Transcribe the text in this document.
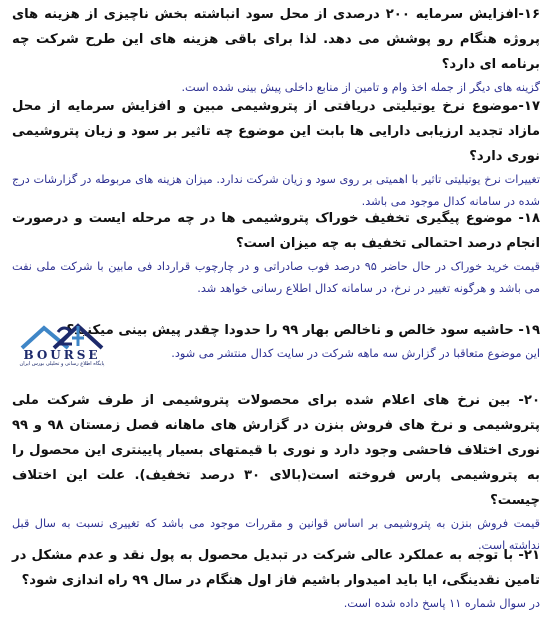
۱۶-افزایش سرمایه ۲۰۰ درصدی از محل سود انباشته بخش ناچیزی از هزینه های پروژه هنگام رو پوشش می دهد. لذا برای باقی هزینه های این طرح شرکت چه برنامه ای دارد؟

گزینه های دیگر از جمله اخذ وام و تامین از منابع داخلی پیش بینی شده است.

۱۷-موضوع نرخ یوتیلیتی دریافتی از پتروشیمی مبین و افزایش سرمایه از محل مازاد تجدید ارزیابی دارایی ها بابت این موضوع چه تاثیر بر سود و زیان پتروشیمی نوری دارد؟

تغییرات نرخ یوتیلیتی تاثیر با اهمیتی بر روی سود و زیان شرکت ندارد. میزان هزینه های مربوطه در گزارشات درج شده در سامانه کدال موجود می باشد.

۱۸- موضوع پیگیری تخفیف خوراک پتروشیمی ها در چه مرحله ایست و درصورت انجام درصد احتمالی تخفیف به چه میزان است؟

قیمت خرید خوراک در حال حاضر ۹۵ درصد فوب صادراتی و در چارچوب قرارداد فی مابین با شرکت ملی نفت می باشد و هرگونه تغییر در نرخ، در سامانه کدال اطلاع رسانی خواهد شد.

۱۹- حاشیه سود خالص و ناخالص بهار ۹۹ را حدودا چقدر پیش بینی میکنید؟

این موضوع متعاقبا در گزارش سه ماهه شرکت در سایت کدال منتشر می شود.

۲۰- بین نرخ های اعلام شده برای محصولات پتروشیمی از طرف شرکت ملی پتروشیمی و نرخ های فروش بنزن در گزارش های ماهانه فصل زمستان ۹۸ و ۹۹ نوری اختلاف فاحشی وجود دارد و نوری با قیمتهای بسیار پایینتری این محصول را به پتروشیمی پارس فروخته است(بالای ۳۰ درصد تخفیف). علت این اختلاف چیست؟

قیمت فروش بنزن به پتروشیمی بر اساس قوانین و مقررات موجود می باشد که تغییری نسبت به سال قبل نداشته است.

۲۱- با توجه به عملکرد عالی شرکت در تبدیل محصول به پول نقد و عدم مشکل در تامین نقدینگی، ایا باید امیدوار باشیم فاز اول هنگام در سال ۹۹ راه اندازی شود؟

در سوال شماره ۱۱ پاسخ داده شده است.

BOURSE
پایگاه اطلاع رسانی و تحلیلی بورس ایران
